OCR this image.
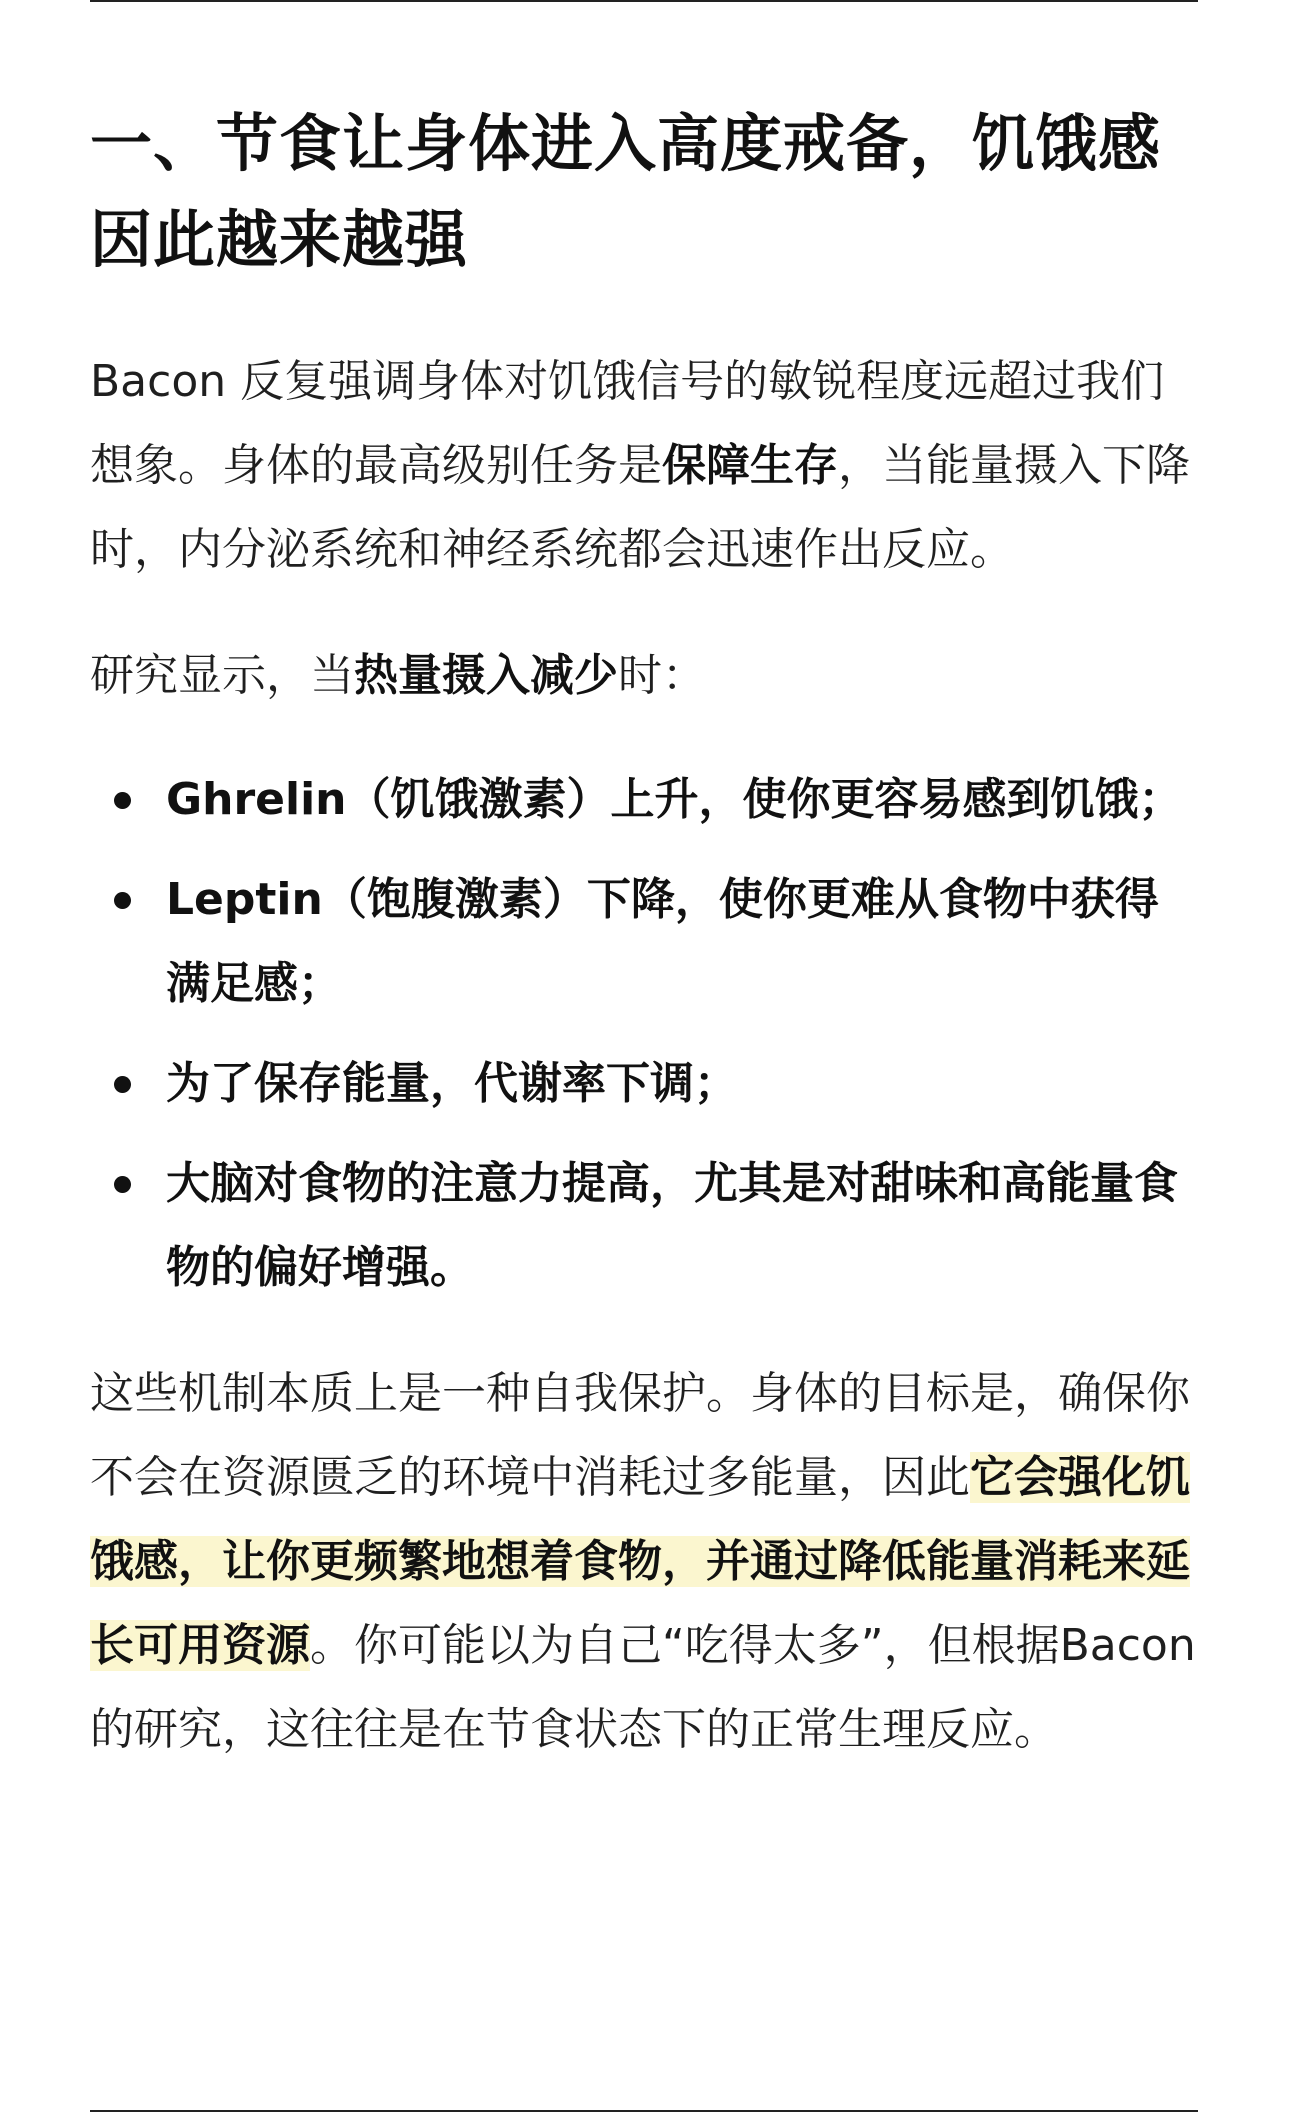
一、节食让身体进入高度戒备，饥饿感因此越来越强

Bacon 反复强调身体对饥饿信号的敏锐程度远超过我们想象。身体的最高级别任务是保障生存，当能量摄入下降时，内分泌系统和神经系统都会迅速作出反应。

研究显示，当热量摄入减少时：

Ghrelin（饥饿激素）上升，使你更容易感到饥饿；
Leptin（饱腹激素）下降，使你更难从食物中获得满足感；
为了保存能量，代谢率下调；
大脑对食物的注意力提高，尤其是对甜味和高能量食物的偏好增强。

这些机制本质上是一种自我保护。身体的目标是，确保你不会在资源匮乏的环境中消耗过多能量，因此它会强化饥饿感，让你更频繁地想着食物，并通过降低能量消耗来延长可用资源。你可能以为自己“吃得太多”，但根据Bacon 的研究，这往往是在节食状态下的正常生理反应。
